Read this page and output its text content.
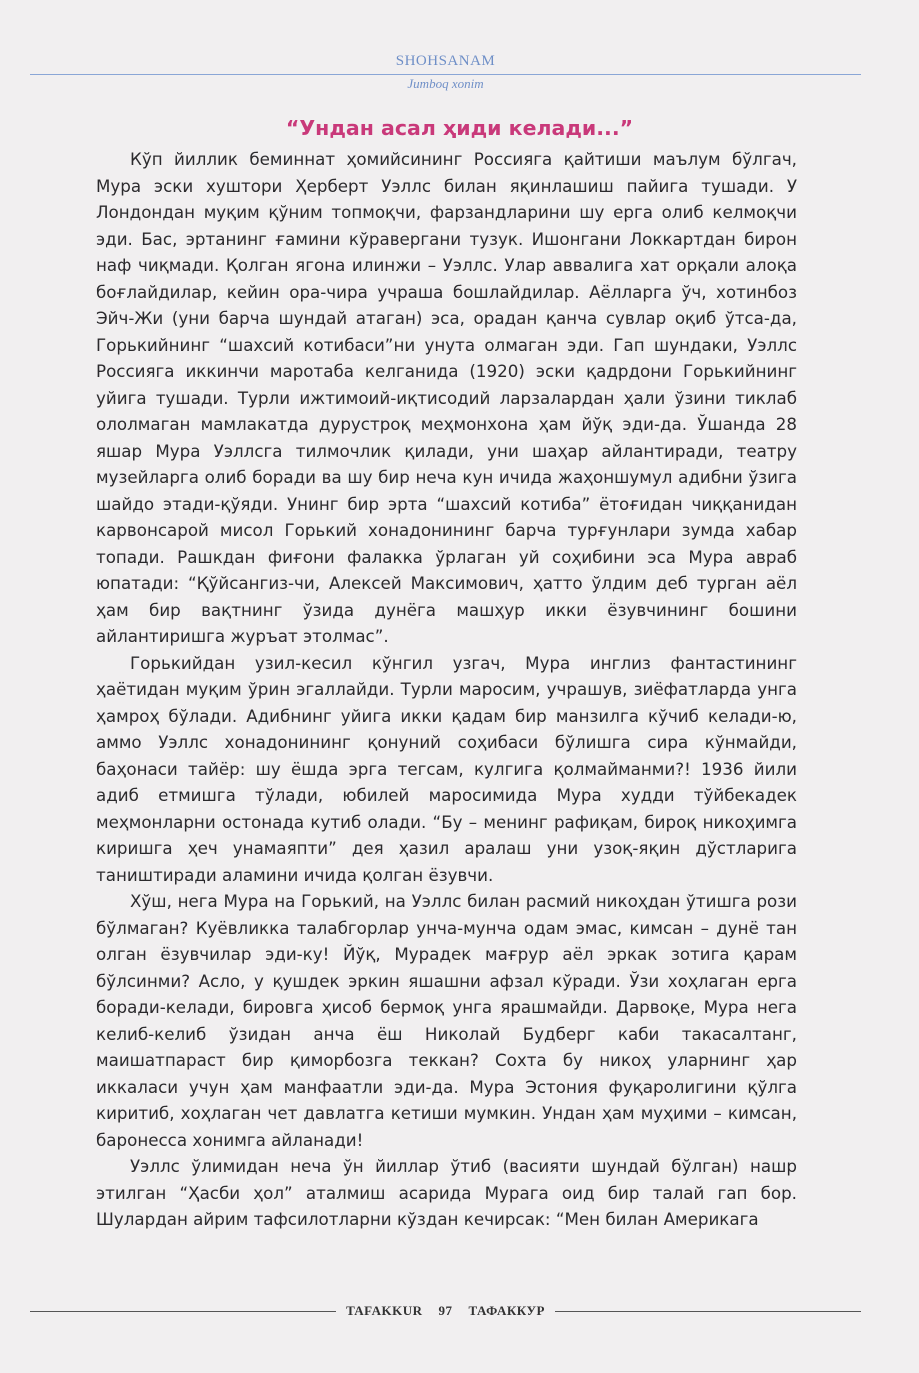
SHOHSANAM
Jumboq xonim
“Ундан асал ҳиди келади...”

Кўп йиллик беминнат ҳомийсининг Россияга қайтиши маълум бўлгач, Мура эски хуштори Ҳерберт Уэллс билан яқинлашиш пайига тушади. У Лондондан муқим қўним топмоқчи, фарзандларини шу ерга олиб келмоқчи эди. Бас, эртанинг ғамини кўравергани тузук. Ишонгани Локкартдан бирон наф чиқмади. Қолган ягона илинжи – Уэллс. Улар аввалига хат орқали алоқа боғлайдилар, кейин ора-чира учраша бошлайдилар. Аёлларга ўч, хотинбоз Эйч-Жи (уни барча шундай атаган) эса, орадан қанча сувлар оқиб ўтса-да, Горькийнинг “шахсий котибаси”ни унута олмаган эди. Гап шундаки, Уэллс Россияга иккинчи маротаба келганида (1920) эски қадрдони Горькийнинг уйига тушади. Турли ижтимоий-иқтисодий ларзалардан ҳали ўзини тиклаб ололмаган мамлакатда дурустроқ меҳмонхона ҳам йўқ эди-да. Ўшанда 28 яшар Мура Уэллсга тилмочлик қилади, уни шаҳар айлантиради, театру музейларга олиб боради ва шу бир неча кун ичида жаҳоншумул адибни ўзига шайдо этади-қўяди. Унинг бир эрта “шахсий котиба” ётоғидан чиққанидан карвонсарой мисол Горький хонадонининг барча турғунлари зумда хабар топади. Рашкдан фиғони фалакка ўрлаган уй соҳибини эса Мура авраб юпатади: “Қўйсангиз-чи, Алексей Максимович, ҳатто ўлдим деб турган аёл ҳам бир вақтнинг ўзида дунёга машҳур икки ёзувчининг бошини айлантиришга журъат этолмас”.

Горькийдан узил-кесил кўнгил узгач, Мура инглиз фантастининг ҳаётидан муқим ўрин эгаллайди. Турли маросим, учрашув, зиёфатларда унга ҳамроҳ бўлади. Адибнинг уйига икки қадам бир манзилга кўчиб келади-ю, аммо Уэллс хонадонининг қонуний соҳибаси бўлишга сира кўнмайди, баҳонаси тайёр: шу ёшда эрга тегсам, кулгига қолмайманми?! 1936 йили адиб етмишга тўлади, юбилей маросимида Мура худди тўйбекадек меҳмонларни остонада кутиб олади. “Бу – менинг рафиқам, бироқ никоҳимга киришга ҳеч унамаяпти” дея ҳазил аралаш уни узоқ-яқин дўстларига таништиради аламини ичида қолган ёзувчи.

Хўш, нега Мура на Горький, на Уэллс билан расмий никоҳдан ўтишга рози бўлмаган? Куёвликка талабгорлар унча-мунча одам эмас, кимсан – дунё тан олган ёзувчилар эди-ку! Йўқ, Мурадек мағрур аёл эркак зотига қарам бўлсинми? Асло, у қушдек эркин яшашни афзал кўради. Ўзи хоҳлаган ерга боради-келади, бировга ҳисоб бермоқ унга ярашмайди. Дарвоқе, Мура нега келиб-келиб ўзидан анча ёш Николай Будберг каби такасалтанг, маишатпараст бир қиморбозга теккан? Сохта бу никоҳ уларнинг ҳар иккаласи учун ҳам манфаатли эди-да. Мура Эстония фуқаролигини қўлга киритиб, хоҳлаган чет давлатга кетиши мумкин. Ундан ҳам муҳими – кимсан, баронесса хонимга айланади!

Уэллс ўлимидан неча ўн йиллар ўтиб (васияти шундай бўлган) нашр этилган “Ҳасби ҳол” аталмиш асарида Мурага оид бир талай гап бор. Шулардан айрим тафсилотларни кўздан кечирсак: “Мен билан Америкага

TAFAKKUR 97 ТАФАККУР
